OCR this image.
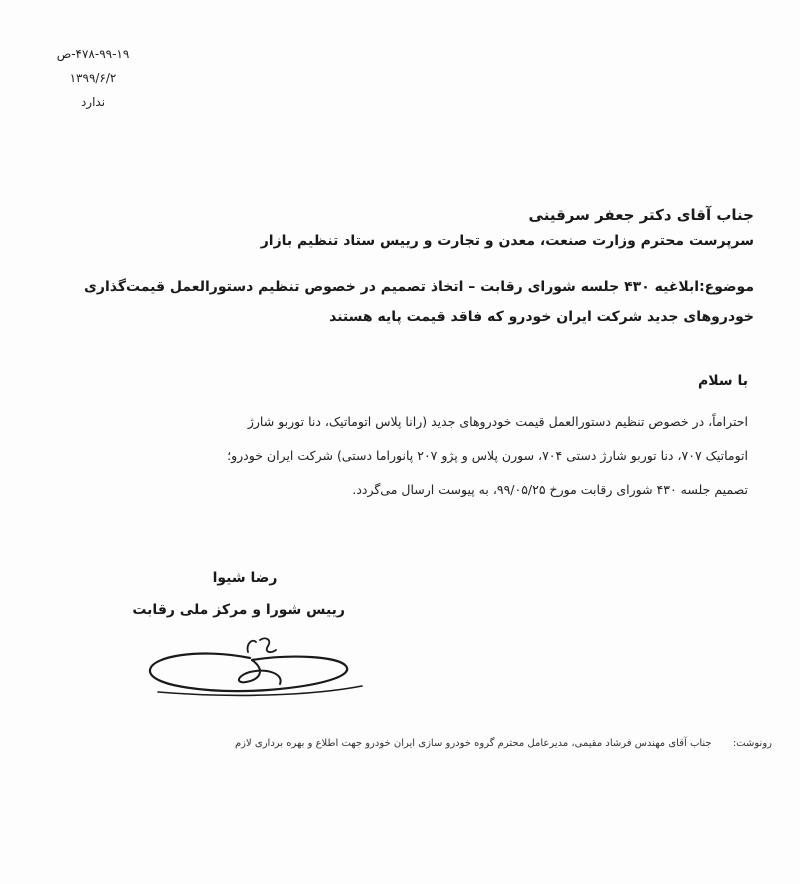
۴۷۸-۹۹-۱۹-ص
۱۳۹۹/۶/۲
ندارد
جناب آقای دکتر جعفر سرقینی
سرپرست محترم وزارت صنعت، معدن و تجارت و رییس ستاد تنظیم بازار
موضوع:ابلاغیه ۴۳۰ جلسه شورای رقابت – اتخاذ تصمیم در خصوص تنظیم دستورالعمل قیمت‌گذاری
خودروهای جدید شرکت ایران خودرو که فاقد قیمت پایه هستند
با سلام
احتراماً، در خصوص تنظیم دستورالعمل قیمت خودروهای جدید (رانا پلاس اتوماتیک، دنا توربو شارژ
اتوماتیک ۷۰۷، دنا توربو شارژ دستی ۷۰۴، سورن پلاس و پژو ۲۰۷ پانوراما دستی) شرکت ایران خودرو؛
تصمیم جلسه ۴۳۰ شورای رقابت مورخ ۹۹/۰۵/۲۵، به پیوست ارسال می‌گردد.
رضا شیوا
رییس شورا و مرکز ملی رقابت
رونوشت: جناب آقای مهندس فرشاد مقیمی، مدیرعامل محترم گروه خودرو سازی ایران خودرو جهت اطلاع و بهره برداری لازم
